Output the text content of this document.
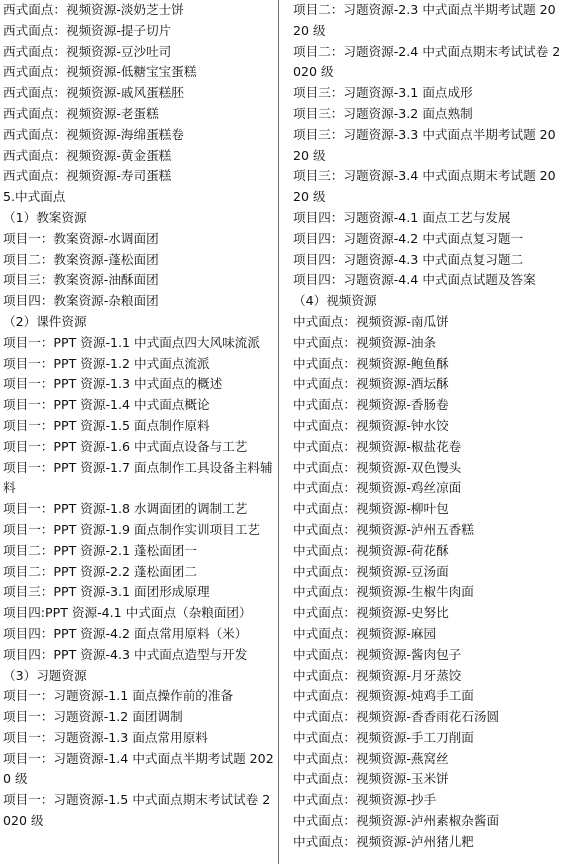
西式面点：视频资源-淡奶芝士饼
西式面点：视频资源-提子切片
西式面点：视频资源-豆沙吐司
西式面点：视频资源-低糖宝宝蛋糕
西式面点：视频资源-戚风蛋糕胚
西式面点：视频资源-老蛋糕
西式面点：视频资源-海绵蛋糕卷
西式面点：视频资源-黄金蛋糕
西式面点：视频资源-寿司蛋糕
5.中式面点
（1）教案资源
项目一：教案资源-水调面团
项目二：教案资源-蓬松面团
项目三：教案资源-油酥面团
项目四：教案资源-杂粮面团
（2）课件资源
项目一：PPT 资源-1.1 中式面点四大风味流派
项目一：PPT 资源-1.2 中式面点流派
项目一：PPT 资源-1.3 中式面点的概述
项目一：PPT 资源-1.4 中式面点概论
项目一：PPT 资源-1.5 面点制作原料
项目一：PPT 资源-1.6 中式面点设备与工艺
项目一：PPT 资源-1.7 面点制作工具设备主料辅料
项目一：PPT 资源-1.8 水调面团的调制工艺
项目一：PPT 资源-1.9 面点制作实训项目工艺
项目二：PPT 资源-2.1 蓬松面团一
项目二：PPT 资源-2.2 蓬松面团二
项目三：PPT 资源-3.1 面团形成原理
项目四:PPT 资源-4.1 中式面点（杂粮面团）
项目四：PPT 资源-4.2 面点常用原料（米）
项目四：PPT 资源-4.3 中式面点造型与开发
（3）习题资源
项目一：习题资源-1.1 面点操作前的准备
项目一：习题资源-1.2 面团调制
项目一：习题资源-1.3 面点常用原料
项目一：习题资源-1.4 中式面点半期考试题 2020 级
项目一：习题资源-1.5 中式面点期末考试试卷 2020 级
项目二：习题资源-2.3 中式面点半期考试题 2020 级
项目二：习题资源-2.4 中式面点期末考试试卷 2020 级
项目三：习题资源-3.1 面点成形
项目三：习题资源-3.2 面点熟制
项目三：习题资源-3.3 中式面点半期考试题 2020 级
项目三：习题资源-3.4 中式面点期末考试题 2020 级
项目四：习题资源-4.1 面点工艺与发展
项目四：习题资源-4.2 中式面点复习题一
项目四：习题资源-4.3 中式面点复习题二
项目四：习题资源-4.4 中式面点试题及答案
（4）视频资源
中式面点：视频资源-南瓜饼
中式面点：视频资源-油条
中式面点：视频资源-鲍鱼酥
中式面点：视频资源-酒坛酥
中式面点：视频资源-香肠卷
中式面点：视频资源-钟水饺
中式面点：视频资源-椒盐花卷
中式面点：视频资源-双色馒头
中式面点：视频资源-鸡丝凉面
中式面点：视频资源-柳叶包
中式面点：视频资源-泸州五香糕
中式面点：视频资源-荷花酥
中式面点：视频资源-豆汤面
中式面点：视频资源-生椒牛肉面
中式面点：视频资源-史努比
中式面点：视频资源-麻园
中式面点：视频资源-酱肉包子
中式面点：视频资源-月牙蒸饺
中式面点：视频资源-炖鸡手工面
中式面点：视频资源-香香雨花石汤圆
中式面点：视频资源-手工刀削面
中式面点：视频资源-燕窝丝
中式面点：视频资源-玉米饼
中式面点：视频资源-抄手
中式面点：视频资源-泸州素椒杂酱面
中式面点：视频资源-泸州猪儿粑
